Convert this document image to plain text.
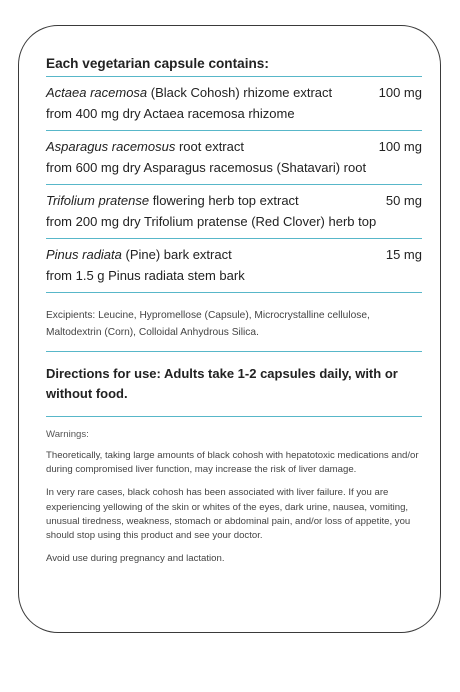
Each vegetarian capsule contains:
Actaea racemosa (Black Cohosh) rhizome extract	100 mg
from 400 mg dry Actaea racemosa rhizome
Asparagus racemosus root extract	100 mg
from 600 mg dry Asparagus racemosus (Shatavari) root
Trifolium pratense flowering herb top extract	50 mg
from 200 mg dry Trifolium pratense (Red Clover) herb top
Pinus radiata (Pine) bark extract	15 mg
from 1.5 g Pinus radiata stem bark
Excipients: Leucine, Hypromellose (Capsule), Microcrystalline cellulose, Maltodextrin (Corn), Colloidal Anhydrous Silica.
Directions for use: Adults take 1-2 capsules daily, with or without food.
Warnings:
Theoretically, taking large amounts of black cohosh with hepatotoxic medications and/or during compromised liver function, may increase the risk of liver damage.
In very rare cases, black cohosh has been associated with liver failure. If you are experiencing yellowing of the skin or whites of the eyes, dark urine, nausea, vomiting, unusual tiredness, weakness, stomach or abdominal pain, and/or loss of appetite, you should stop using this product and see your doctor.
Avoid use during pregnancy and lactation.
